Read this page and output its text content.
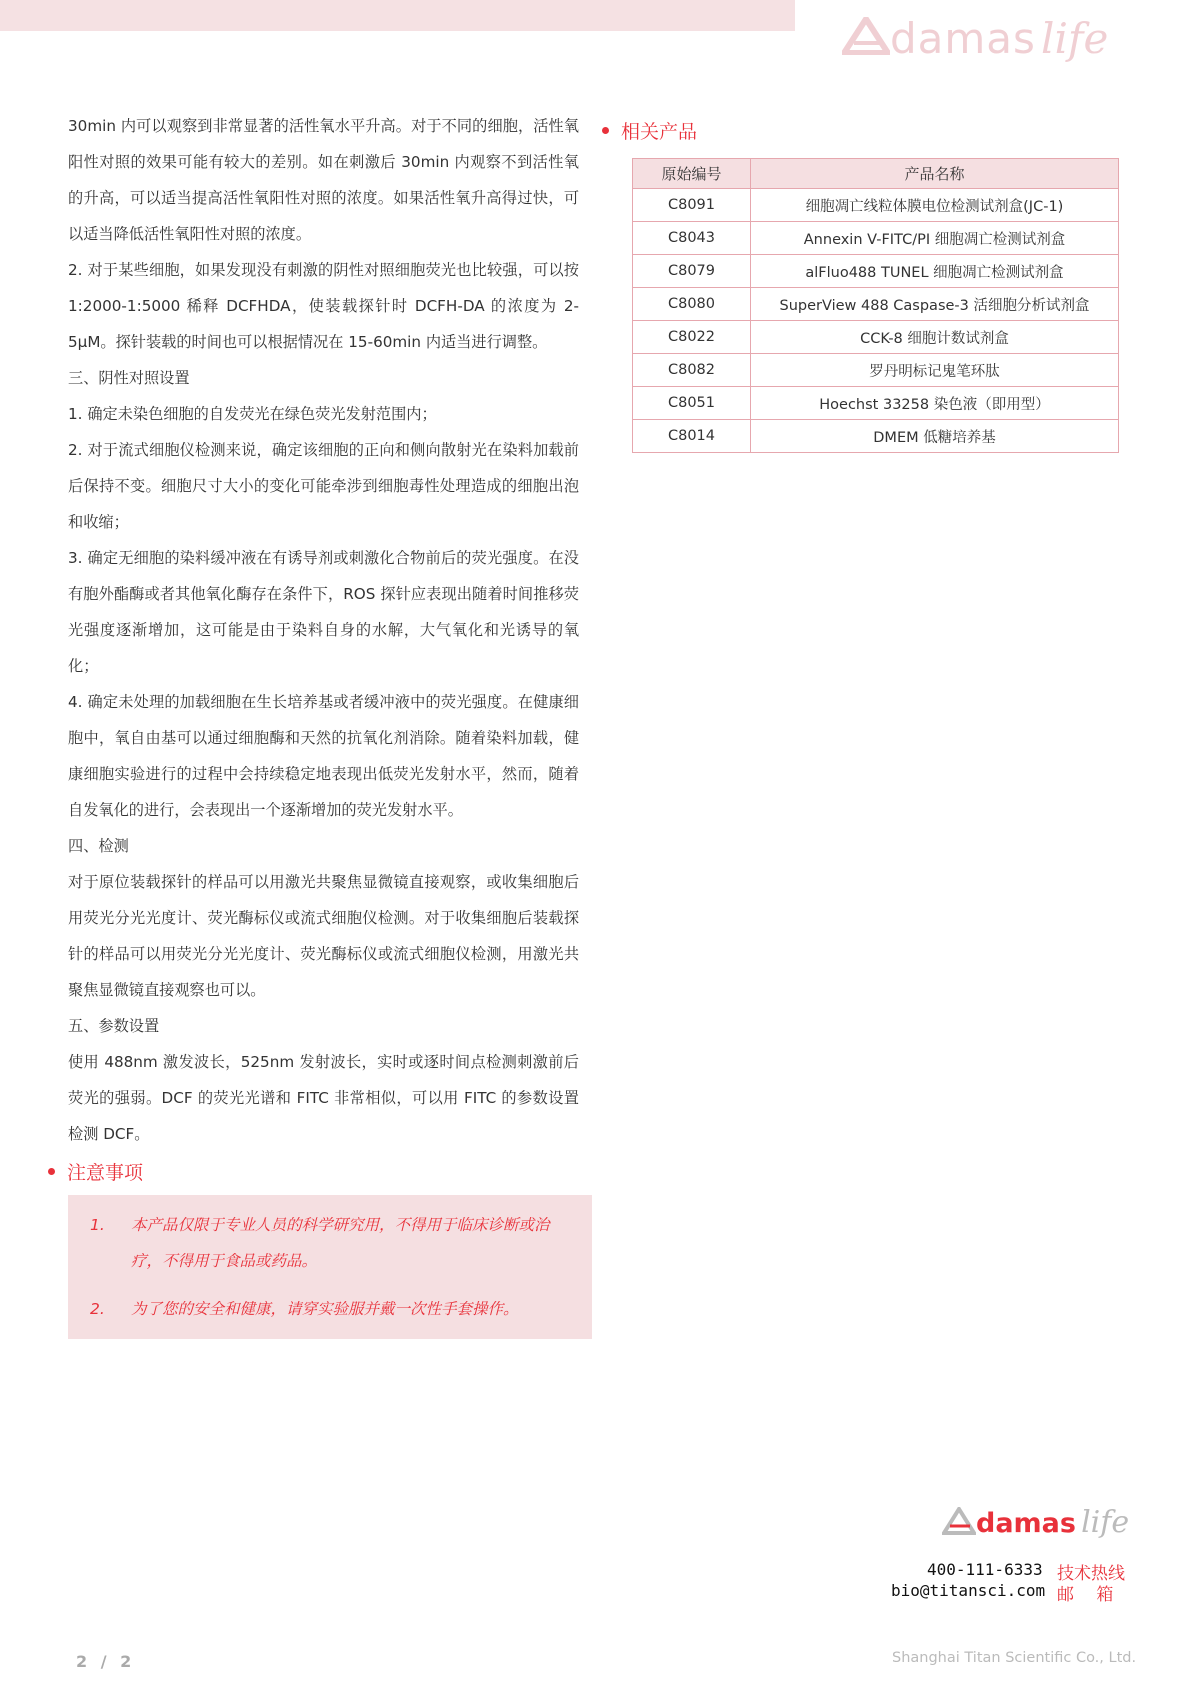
damas life

30min 内可以观察到非常显著的活性氧水平升高。对于不同的细胞，活性氧阳性对照的效果可能有较大的差别。如在刺激后 30min 内观察不到活性氧的升高，可以适当提高活性氧阳性对照的浓度。如果活性氧升高得过快，可以适当降低活性氧阳性对照的浓度。

2. 对于某些细胞，如果发现没有刺激的阴性对照细胞荧光也比较强，可以按 1:2000-1:5000 稀释 DCFHDA，使装载探针时 DCFH-DA 的浓度为 2-5μM。探针装载的时间也可以根据情况在 15-60min 内适当进行调整。

三、阴性对照设置

1. 确定未染色细胞的自发荧光在绿色荧光发射范围内；

2. 对于流式细胞仪检测来说，确定该细胞的正向和侧向散射光在染料加载前后保持不变。细胞尺寸大小的变化可能牵涉到细胞毒性处理造成的细胞出泡和收缩；

3. 确定无细胞的染料缓冲液在有诱导剂或刺激化合物前后的荧光强度。在没有胞外酯酶或者其他氧化酶存在条件下，ROS 探针应表现出随着时间推移荧光强度逐渐增加，这可能是由于染料自身的水解，大气氧化和光诱导的氧化；

4. 确定未处理的加载细胞在生长培养基或者缓冲液中的荧光强度。在健康细胞中，氧自由基可以通过细胞酶和天然的抗氧化剂消除。随着染料加载，健康细胞实验进行的过程中会持续稳定地表现出低荧光发射水平，然而，随着自发氧化的进行，会表现出一个逐渐增加的荧光发射水平。

四、检测

对于原位装载探针的样品可以用激光共聚焦显微镜直接观察，或收集细胞后用荧光分光光度计、荧光酶标仪或流式细胞仪检测。对于收集细胞后装载探针的样品可以用荧光分光光度计、荧光酶标仪或流式细胞仪检测，用激光共聚焦显微镜直接观察也可以。

五、参数设置

使用 488nm 激发波长，525nm 发射波长，实时或逐时间点检测刺激前后荧光的强弱。DCF 的荧光光谱和 FITC 非常相似，可以用 FITC 的参数设置检测 DCF。

注意事项
1. 本产品仅限于专业人员的科学研究用，不得用于临床诊断或治疗，不得用于食品或药品。
2. 为了您的安全和健康，请穿实验服并戴一次性手套操作。
相关产品
原始编号	产品名称
C8091	细胞凋亡线粒体膜电位检测试剂盒(JC-1)
C8043	Annexin V-FITC/PI 细胞凋亡检测试剂盒
C8079	alFluo488 TUNEL 细胞凋亡检测试剂盒
C8080	SuperView 488 Caspase-3 活细胞分析试剂盒
C8022	CCK-8 细胞计数试剂盒
C8082	罗丹明标记鬼笔环肽
C8051	Hoechst 33258 染色液（即用型）
C8014	DMEM 低糖培养基
damas life
400-111-6333 技术热线
bio@titansci.com 邮　 箱
2 / 2	Shanghai Titan Scientific Co., Ltd.
